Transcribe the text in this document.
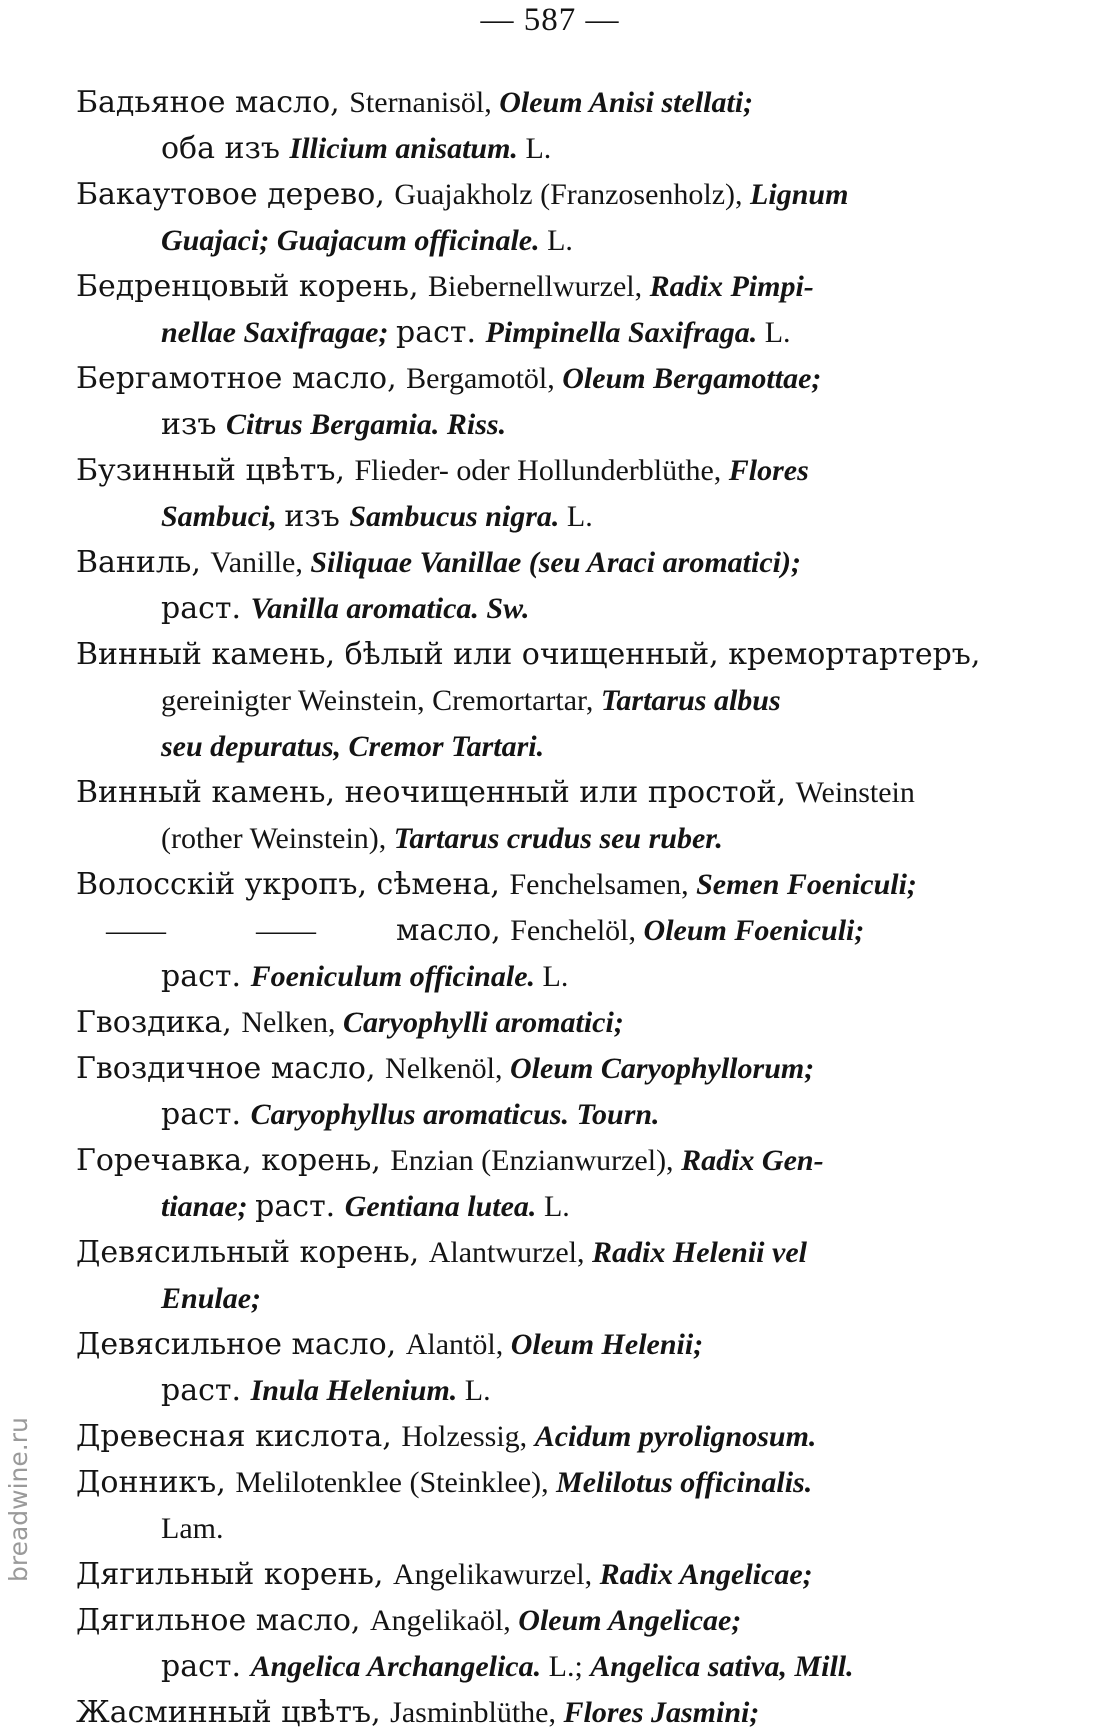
— 587 —
Бадьяное масло, Sternanisöl, Oleum Anisi stellati;
оба изъ Illicium anisatum. L.
Бакаутовое дерево, Guajakholz (Franzosenholz), Lignum
Guajaci; Guajacum officinale. L.
Бедренцовый корень, Biebernellwurzel, Radix Pimpi-
nellae Saxifragae; раст. Pimpinella Saxifraga. L.
Бергамотное масло, Bergamotöl, Oleum Bergamottae;
изъ Citrus Bergamia. Riss.
Бузинный цвѣтъ, Flieder- oder Hollunderblüthe, Flores
Sambuci, изъ Sambucus nigra. L.
Ваниль, Vanille, Siliquae Vanillae (seu Araci aromatici);
раст. Vanilla aromatica. Sw.
Винный камень, бѣлый или очищенный, кремортартеръ,
gereinigter Weinstein, Cremortartar, Tartarus albus
seu depuratus, Cremor Tartari.
Винный камень, неочищенный или простой, Weinstein
(rother Weinstein), Tartarus crudus seu ruber.
Волосскій укропъ, сѣмена, Fenchelsamen, Semen Foeniculi;
——	——	масло, Fenchelöl, Oleum Foeniculi;
раст. Foeniculum officinale. L.
Гвоздика, Nelken, Caryophylli aromatici;
Гвоздичное масло, Nelkenöl, Oleum Caryophyllorum;
раст. Caryophyllus aromaticus. Tourn.
Горечавка, корень, Enzian (Enzianwurzel), Radix Gen-
tianae; раст. Gentiana lutea. L.
Девясильный корень, Alantwurzel, Radix Helenii vel
Enulae;
Девясильное масло, Alantöl, Oleum Helenii;
раст. Inula Helenium. L.
Древесная кислота, Holzessig, Acidum pyrolignosum.
Донникъ, Melilotenklee (Steinklee), Melilotus officinalis.
Lam.
Дягильный корень, Angelikawurzel, Radix Angelicae;
Дягильное масло, Angelikaöl, Oleum Angelicae;
раст. Angelica Archangelica. L.; Angelica sativa, Mill.
Жасминный цвѣтъ, Jasminblüthe, Flores Jasmini;
breadwine.ru
